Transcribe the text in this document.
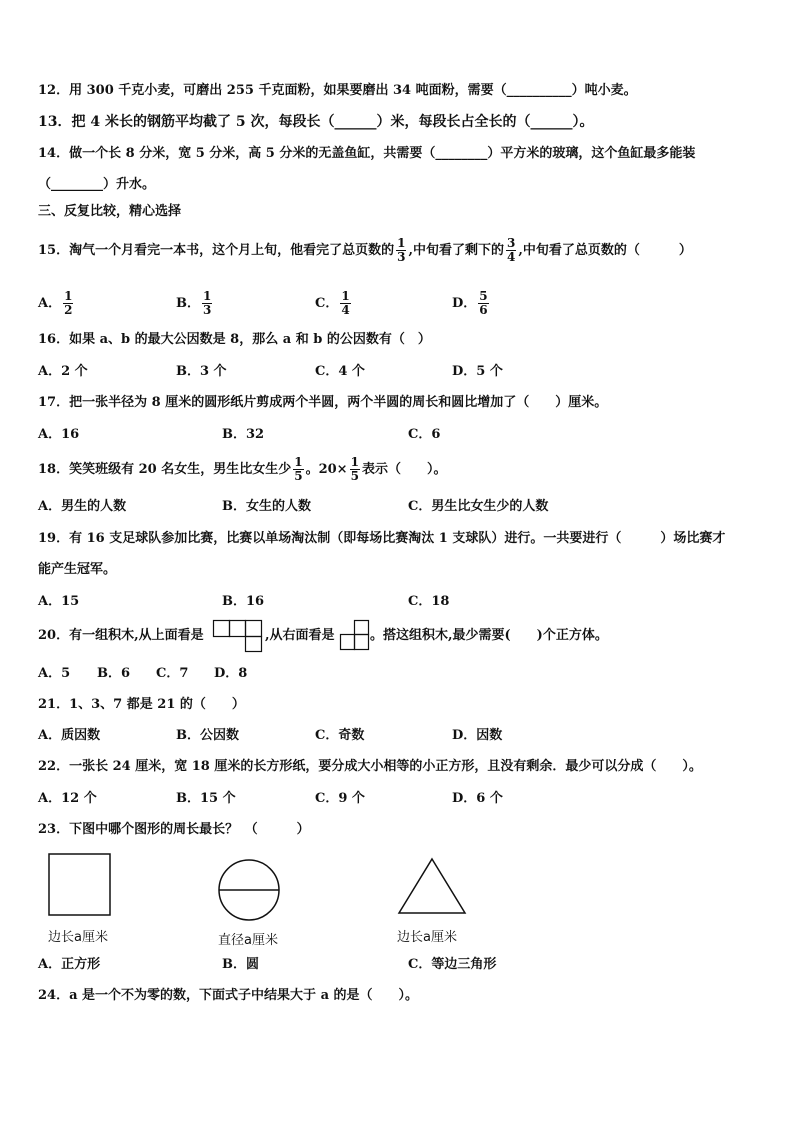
12．用 300 千克小麦，可磨出 255 千克面粉，如果要磨出 34 吨面粉，需要（__________）吨小麦。
13．把 4 米长的钢筋平均截了 5 次，每段长（______）米，每段长占全长的（______）。
14．做一个长 8 分米，宽 5 分米，高 5 分米的无盖鱼缸，共需要（________）平方米的玻璃，这个鱼缸最多能装
（________）升水。
三、反复比较，精心选择
15．淘气一个月看完一本书，这个月上旬，他看完了总页数的 $\frac{1}{3}$ ,中旬看了剩下的 $\frac{3}{4}$ ,中旬看了总页数的（　　　）
A． $\frac{1}{2}$	B． $\frac{1}{3}$	C． $\frac{1}{4}$	D． $\frac{5}{6}$
16．如果 a、b 的最大公因数是 8，那么 a 和 b 的公因数有（　）
A．2 个	B．3 个	C．4 个	D．5 个
17．把一张半径为 8 厘米的圆形纸片剪成两个半圆，两个半圆的周长和圆比增加了（　　）厘米。
A．16	B．32	C．6
18．笑笑班级有 20 名女生，男生比女生少 $\frac{1}{5}$ 。$20\times \frac{1}{5}$ 表示（　　）。
A．男生的人数	B．女生的人数	C．男生比女生少的人数
19．有 16 支足球队参加比赛，比赛以单场淘汰制（即每场比赛淘汰 1 支球队）进行。一共要进行（　　　）场比赛才
能产生冠军。
A．15	B．16	C．18
20．有一组积木,从上面看是	,从右面看是	。搭这组积木,最少需要(　　)个正方体。
A．5 B．6 C．7 D．8
21．1、3、7 都是 21 的（　　）
A．质因数	B．公因数	C．奇数	D．因数
22．一张长 24 厘米，宽 18 厘米的长方形纸，要分成大小相等的小正方形，且没有剩余．最少可以分成（　　）。
A．12 个	B．15 个	C．9 个	D．6 个
23．下图中哪个图形的周长最长？　（　　　）
边长a厘米	直径a厘米	边长a厘米
A．正方形	B．圆	C．等边三角形
24．a 是一个不为零的数，下面式子中结果大于 a 的是（　　）。
